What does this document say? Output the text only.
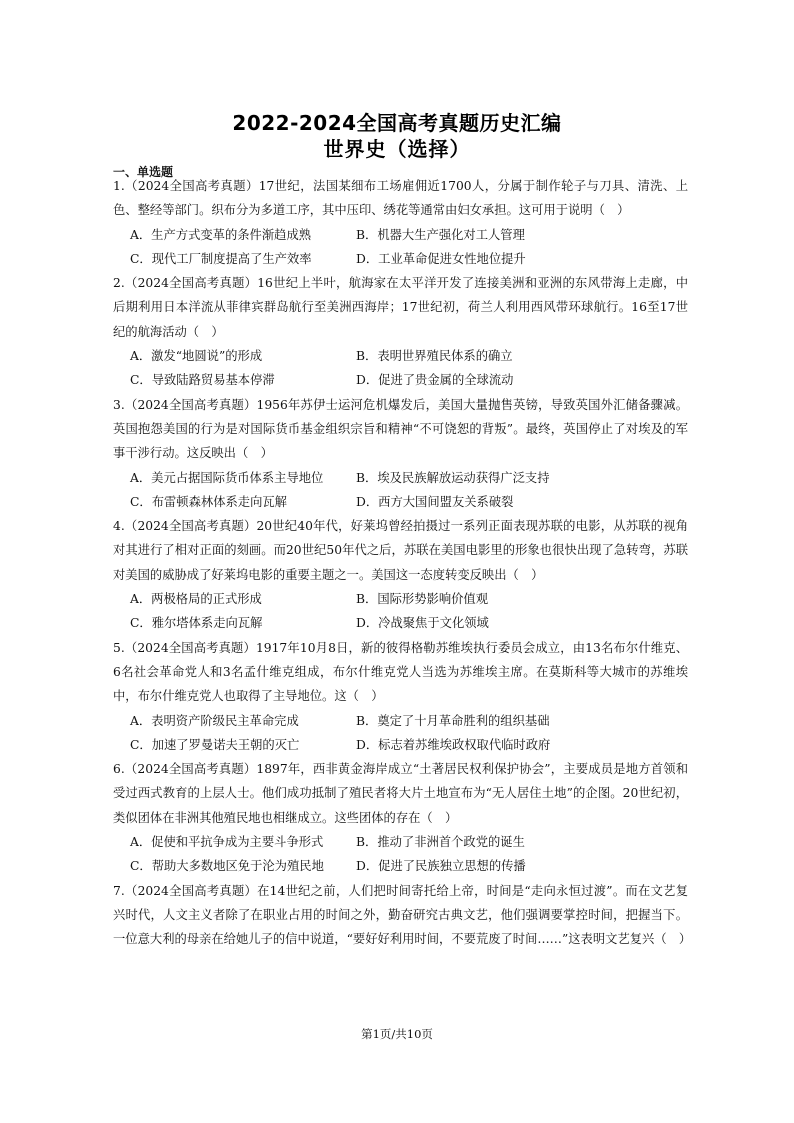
2022-2024全国高考真题历史汇编
世界史（选择）
一、单选题

1.（2024全国高考真题）17世纪，法国某细布工场雇佣近1700人，分属于制作轮子与刀具、清洗、上色、整经等部门。织布分为多道工序，其中压印、绣花等通常由妇女承担。这可用于说明（　）

A．生产方式变革的条件渐趋成熟	B．机器大生产强化对工人管理
C．现代工厂制度提高了生产效率	D．工业革命促进女性地位提升

2.（2024全国高考真题）16世纪上半叶，航海家在太平洋开发了连接美洲和亚洲的东风带海上走廊，中后期利用日本洋流从菲律宾群岛航行至美洲西海岸；17世纪初，荷兰人利用西风带环球航行。16至17世纪的航海活动（　）

A．激发“地圆说”的形成	B．表明世界殖民体系的确立
C．导致陆路贸易基本停滞	D．促进了贵金属的全球流动

3.（2024全国高考真题）1956年苏伊士运河危机爆发后，美国大量抛售英镑，导致英国外汇储备骤减。英国抱怨美国的行为是对国际货币基金组织宗旨和精神“不可饶恕的背叛”。最终，英国停止了对埃及的军事干涉行动。这反映出（　）

A．美元占据国际货币体系主导地位	B．埃及民族解放运动获得广泛支持
C．布雷顿森林体系走向瓦解	D．西方大国间盟友关系破裂

4.（2024全国高考真题）20世纪40年代，好莱坞曾经拍摄过一系列正面表现苏联的电影，从苏联的视角对其进行了相对正面的刻画。而20世纪50年代之后，苏联在美国电影里的形象也很快出现了急转弯，苏联对美国的威胁成了好莱坞电影的重要主题之一。美国这一态度转变反映出（　）

A．两极格局的正式形成	B．国际形势影响价值观
C．雅尔塔体系走向瓦解	D．冷战聚焦于文化领域

5.（2024全国高考真题）1917年10月8日，新的彼得格勒苏维埃执行委员会成立，由13名布尔什维克、6名社会革命党人和3名孟什维克组成，布尔什维克党人当选为苏维埃主席。在莫斯科等大城市的苏维埃中，布尔什维克党人也取得了主导地位。这（　）

A．表明资产阶级民主革命完成	B．奠定了十月革命胜利的组织基础
C．加速了罗曼诺夫王朝的灭亡	D．标志着苏维埃政权取代临时政府

6.（2024全国高考真题）1897年，西非黄金海岸成立“土著居民权利保护协会”，主要成员是地方首领和受过西式教育的上层人士。他们成功抵制了殖民者将大片土地宣布为“无人居住土地”的企图。20世纪初，类似团体在非洲其他殖民地也相继成立。这些团体的存在（　）

A．促使和平抗争成为主要斗争形式	B．推动了非洲首个政党的诞生
C．帮助大多数地区免于沦为殖民地	D．促进了民族独立思想的传播

7.（2024全国高考真题）在14世纪之前，人们把时间寄托给上帝，时间是“走向永恒过渡”。而在文艺复兴时代，人文主义者除了在职业占用的时间之外，勤奋研究古典文艺，他们强调要掌控时间，把握当下。一位意大利的母亲在给她儿子的信中说道，“要好好利用时间，不要荒废了时间……”这表明文艺复兴（　）

第1页/共10页
